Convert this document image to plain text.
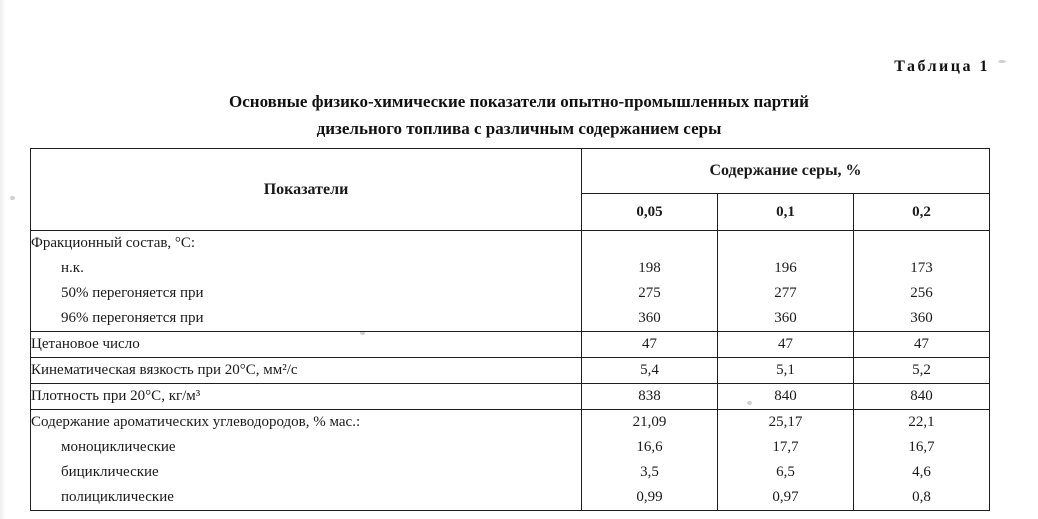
Таблица 1
Основные физико-химические показатели опытно-промышленных партий
дизельного топлива с различным содержанием серы
Показатели	Содержание серы, %		
	0,05	0,1	0,2
Фракционный состав, °С:			
н.к.	198	196	173
50% перегоняется при	275	277	256
96% перегоняется при	360	360	360
Цетановое число	47	47	47
Кинематическая вязкость при 20°С, мм²/с	5,4	5,1	5,2
Плотность при 20°С, кг/м³	838	840	840
Содержание ароматических углеводородов, % мас.:	21,09	25,17	22,1
моноциклические	16,6	17,7	16,7
бициклические	3,5	6,5	4,6
полициклические	0,99	0,97	0,8
